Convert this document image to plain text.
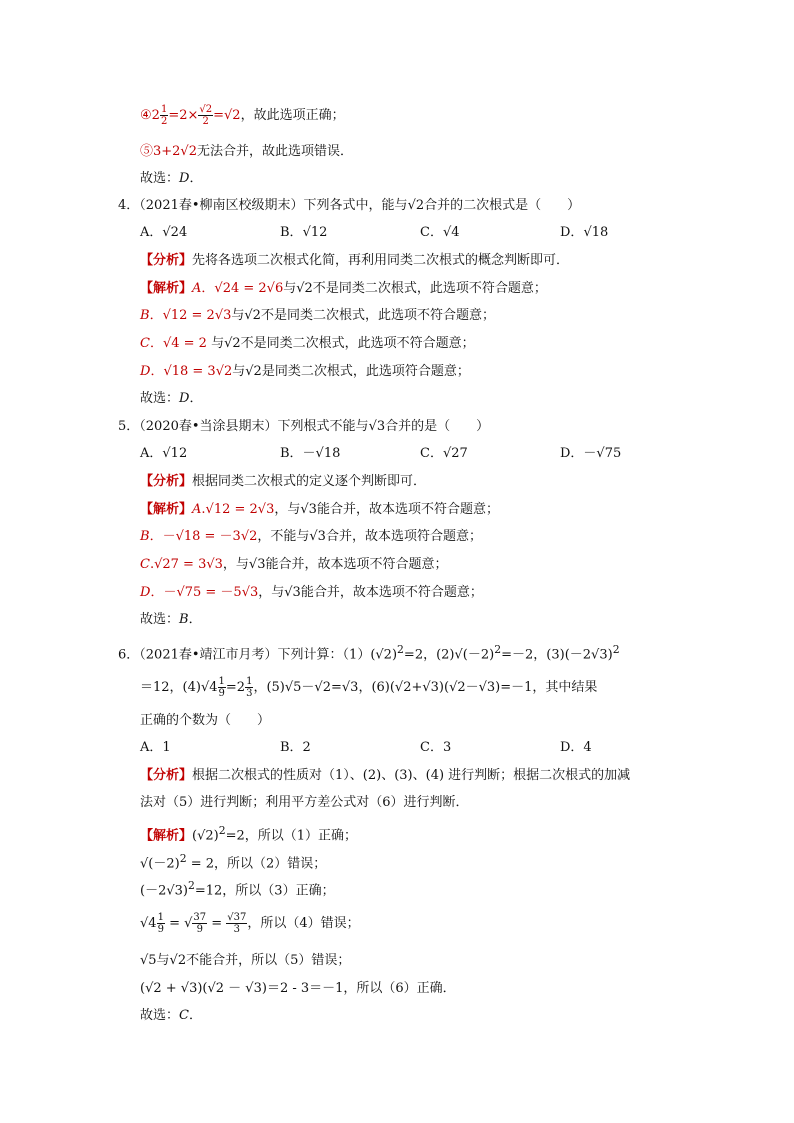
④2 $\frac{1}{2} =2\times \frac{√2}{2} =√2$，故此选项正确；
⑤3+2√2无法合并，故此选项错误．
故选：D．
4．（2021春•柳南区校级期末）下列各式中，能与√2合并的二次根式是（　　）
A．√24	B．√12	C．√4	D．√18
【分析】先将各选项二次根式化简，再利用同类二次根式的概念判断即可．
【解析】A．√24 = 2√6与√2不是同类二次根式，此选项不符合题意；
B．√12 = 2√3与√2不是同类二次根式，此选项不符合题意；
C．√4 = 2 与√2不是同类二次根式，此选项不符合题意；
D．√18 = 3√2与√2是同类二次根式，此选项符合题意；
故选：D．
5．（2020春•当涂县期末）下列根式不能与√3合并的是（　　）
A．√12	B．－√18	C．√27	D．－√75
【分析】根据同类二次根式的定义逐个判断即可．
【解析】A.√12 = 2√3，与√3能合并，故本选项不符合题意；
B．－√18 = －3√2，不能与√3合并，故本选项符合题意；
C.√27 = 3√3，与√3能合并，故本选项不符合题意；
D．－√75 = －5√3，与√3能合并，故本选项不符合题意；
故选：B．
6．（2021春•靖江市月考）下列计算：$(1)(√2)^2=2$，$(2)√(-2)^2=-2$，$(3)(-2√3)^2$
＝12，$(4)√4 \frac{1}{9} =2 \frac{1}{3}$ ，(5)√5－√2=√3，(6)(√2+√3)(√2－√3)=－1，其中结果
正确的个数为（　　）
A．1	B．2	C．3	D．4
【分析】根据二次根式的性质对（1）、(2)、(3)、(4) 进行判断；根据二次根式的加减
法对（5）进行判断；利用平方差公式对（6）进行判断．
【解析】$(√2)^2=2$，所以（1）正确；
$√(-2)^2 = 2$，所以（2）错误；
$(-2√3)^2=12$，所以（3）正确；
$√4 \frac{1}{9}$ = √ $\frac{37}{9} = \frac{√37}{3}$ ，所以（4）错误；
√5与√2不能合并，所以（5）错误；
(√2 + √3)(√2 － √3)＝2 - 3＝－1，所以（6）正确．
故选：C．
